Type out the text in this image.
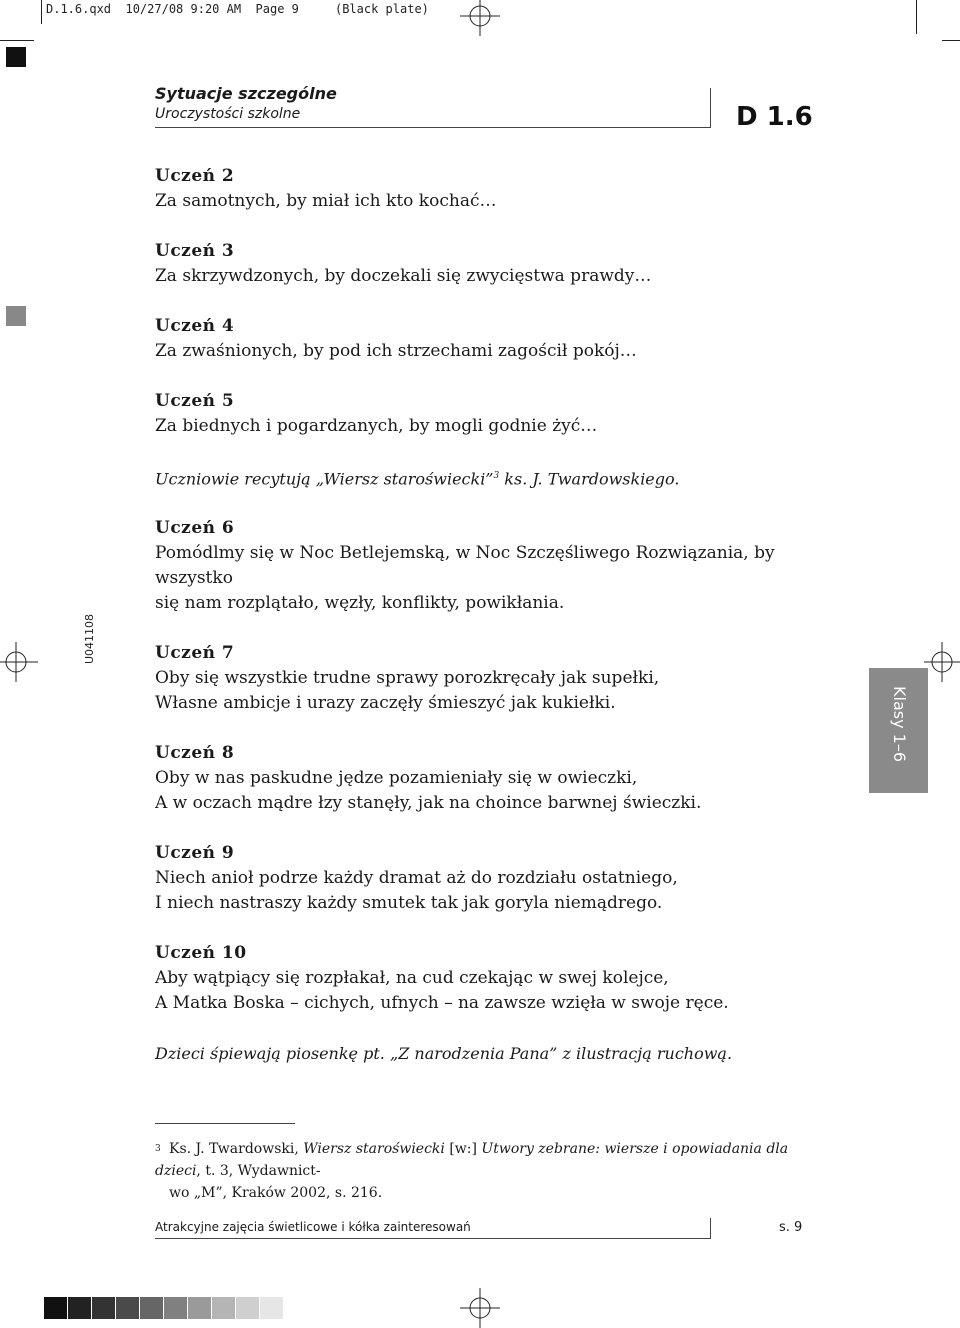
D.1.6.qxd  10/27/08 9:20 AM  Page 9     (Black plate)
Sytuacje szczególne
Uroczystości szkolne	D 1.6
Uczeń 2
Za samotnych, by miał ich kto kochać…
Uczeń 3
Za skrzywdzonych, by doczekali się zwycięstwa prawdy…
Uczeń 4
Za zwaśnionych, by pod ich strzechami zagościł pokój…
Uczeń 5
Za biednych i pogardzanych, by mogli godnie żyć…
Uczniowie recytują „Wiersz staroświecki”$^3$ ks. J. Twardowskiego.
Uczeń 6
Pomódlmy się w Noc Betlejemską, w Noc Szczęśliwego Rozwiązania, by wszystko
się nam rozplątało, węzły, konflikty, powikłania.
Uczeń 7
Oby się wszystkie trudne sprawy porozkręcały jak supełki,
Własne ambicje i urazy zaczęły śmieszyć jak kukiełki.
Uczeń 8
Oby w nas paskudne jędze pozamieniały się w owieczki,
A w oczach mądre łzy stanęły, jak na choince barwnej świeczki.
Uczeń 9
Niech anioł podrze każdy dramat aż do rozdziału ostatniego,
I niech nastraszy każdy smutek tak jak goryla niemądrego.
Uczeń 10
Aby wątpiący się rozpłakał, na cud czekając w swej kolejce,
A Matka Boska – cichych, ufnych – na zawsze wzięła w swoje ręce.
Dzieci śpiewają piosenkę pt. „Z narodzenia Pana” z ilustracją ruchową.
U041108
Klasy 1–6
3 Ks. J. Twardowski, Wiersz staroświecki [w:] Utwory zebrane: wiersze i opowiadania dla dzieci, t. 3, Wydawnict-
wo „M”, Kraków 2002, s. 216.
Atrakcyjne zajęcia świetlicowe i kółka zainteresowań	s. 9
